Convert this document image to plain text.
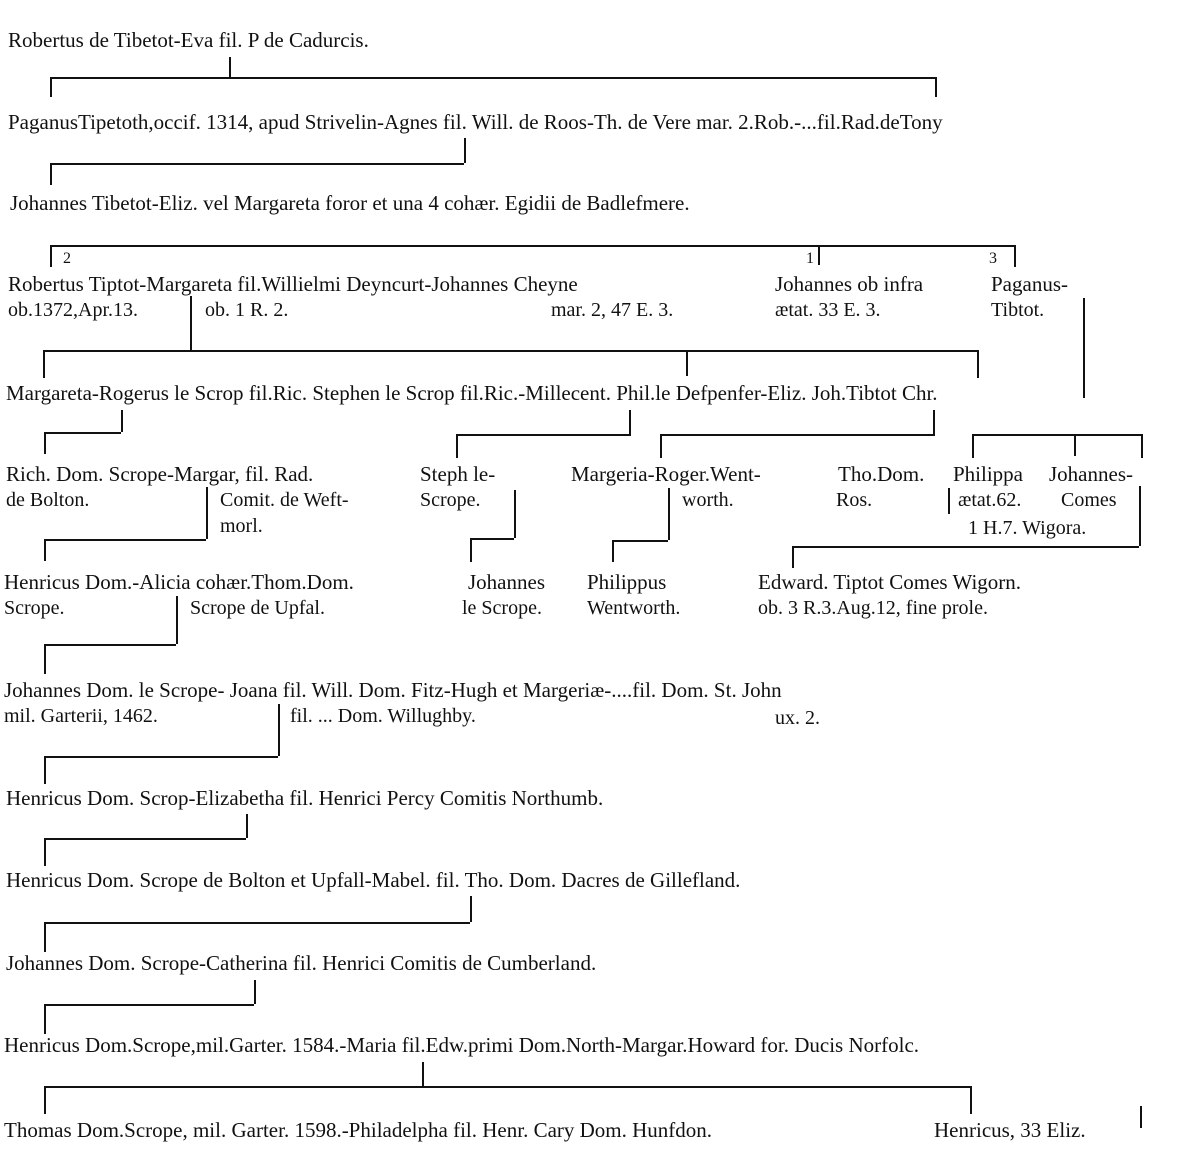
Robertus de Tibetot-Eva fil. P de Cadurcis.
PaganusTipetoth,occif. 1314, apud Strivelin-Agnes fil. Will. de Roos-Th. de Vere mar. 2.Rob.-...fil.Rad.deTony
Johannes Tibetot-Eliz. vel Margareta foror et una 4 cohær. Egidii de Badlefmere.
2	1	3
Robertus Tiptot-Margareta fil.Willielmi Deyncurt-Johannes Cheyne
ob.1372,Apr.13.	ob. 1 R. 2.	mar. 2, 47 E. 3.
Johannes ob infra
ætat. 33 E. 3.
Paganus-
Tibtot.
Margareta-Rogerus le Scrop fil.Ric. Stephen le Scrop fil.Ric.-Millecent. Phil.le Defpenfer-Eliz. Joh.Tibtot Chr.
Rich. Dom. Scrope-Margar, fil. Rad.
de Bolton.	Comit. de Weft-
morl.
Steph le-
Scrope.
Margeria-Roger.Went-
worth.
Tho.Dom.
Ros.
Philippa
ætat.62.
Johannes-
Comes
1 H.7. Wigora.
Henricus Dom.-Alicia cohær.Thom.Dom.
Scrope.	Scrope de Upfal.
Johannes
le Scrope.
Philippus
Wentworth.
Edward. Tiptot Comes Wigorn.
ob. 3 R.3.Aug.12, fine prole.
Johannes Dom. le Scrope- Joana fil. Will. Dom. Fitz-Hugh et Margeriæ-....fil. Dom. St. John
mil. Garterii, 1462.	fil. ... Dom. Willughby.	ux. 2.
Henricus Dom. Scrop-Elizabetha fil. Henrici Percy Comitis Northumb.
Henricus Dom. Scrope de Bolton et Upfall-Mabel. fil. Tho. Dom. Dacres de Gillefland.
Johannes Dom. Scrope-Catherina fil. Henrici Comitis de Cumberland.
Henricus Dom.Scrope,mil.Garter. 1584.-Maria fil.Edw.primi Dom.North-Margar.Howard for. Ducis Norfolc.
Thomas Dom.Scrope, mil. Garter. 1598.-Philadelpha fil. Henr. Cary Dom. Hunfdon.	Henricus, 33 Eliz.
